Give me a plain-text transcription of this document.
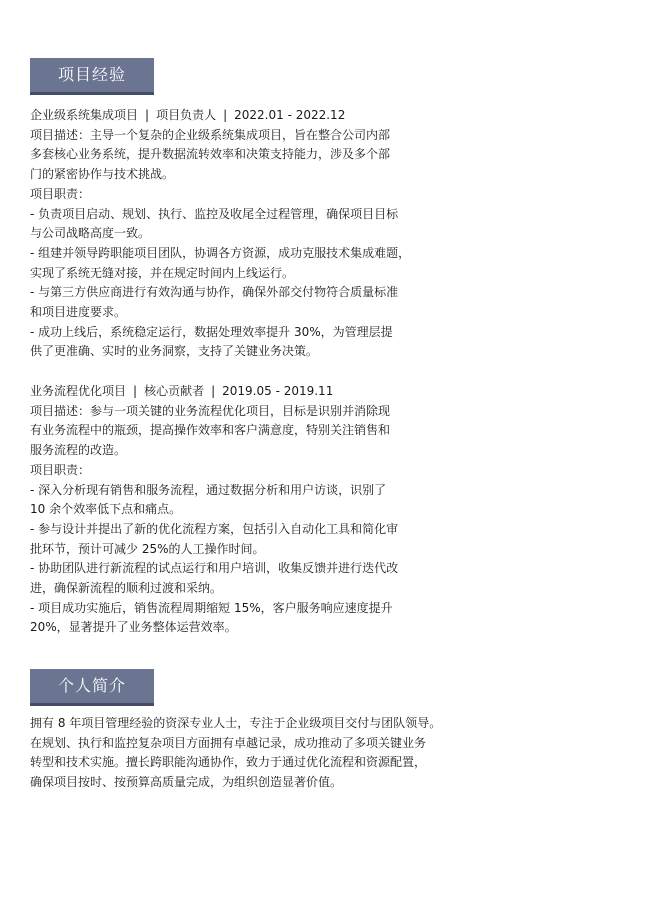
项目经验
企业级系统集成项目 | 项目负责人 | 2022.01 - 2022.12
项目描述：主导一个复杂的企业级系统集成项目，旨在整合公司内部
多套核心业务系统，提升数据流转效率和决策支持能力，涉及多个部
门的紧密协作与技术挑战。
项目职责：
- 负责项目启动、规划、执行、监控及收尾全过程管理，确保项目目标
与公司战略高度一致。
- 组建并领导跨职能项目团队，协调各方资源，成功克服技术集成难题，
实现了系统无缝对接，并在规定时间内上线运行。
- 与第三方供应商进行有效沟通与协作，确保外部交付物符合质量标准
和项目进度要求。
- 成功上线后，系统稳定运行，数据处理效率提升 30%，为管理层提
供了更准确、实时的业务洞察，支持了关键业务决策。
业务流程优化项目 | 核心贡献者 | 2019.05 - 2019.11
项目描述：参与一项关键的业务流程优化项目，目标是识别并消除现
有业务流程中的瓶颈，提高操作效率和客户满意度，特别关注销售和
服务流程的改造。
项目职责：
- 深入分析现有销售和服务流程，通过数据分析和用户访谈，识别了
10 余个效率低下点和痛点。
- 参与设计并提出了新的优化流程方案，包括引入自动化工具和简化审
批环节，预计可减少 25%的人工操作时间。
- 协助团队进行新流程的试点运行和用户培训，收集反馈并进行迭代改
进，确保新流程的顺利过渡和采纳。
- 项目成功实施后，销售流程周期缩短 15%，客户服务响应速度提升
20%，显著提升了业务整体运营效率。
个人简介
拥有 8 年项目管理经验的资深专业人士，专注于企业级项目交付与团队领导。
在规划、执行和监控复杂项目方面拥有卓越记录，成功推动了多项关键业务
转型和技术实施。擅长跨职能沟通协作，致力于通过优化流程和资源配置，
确保项目按时、按预算高质量完成，为组织创造显著价值。
